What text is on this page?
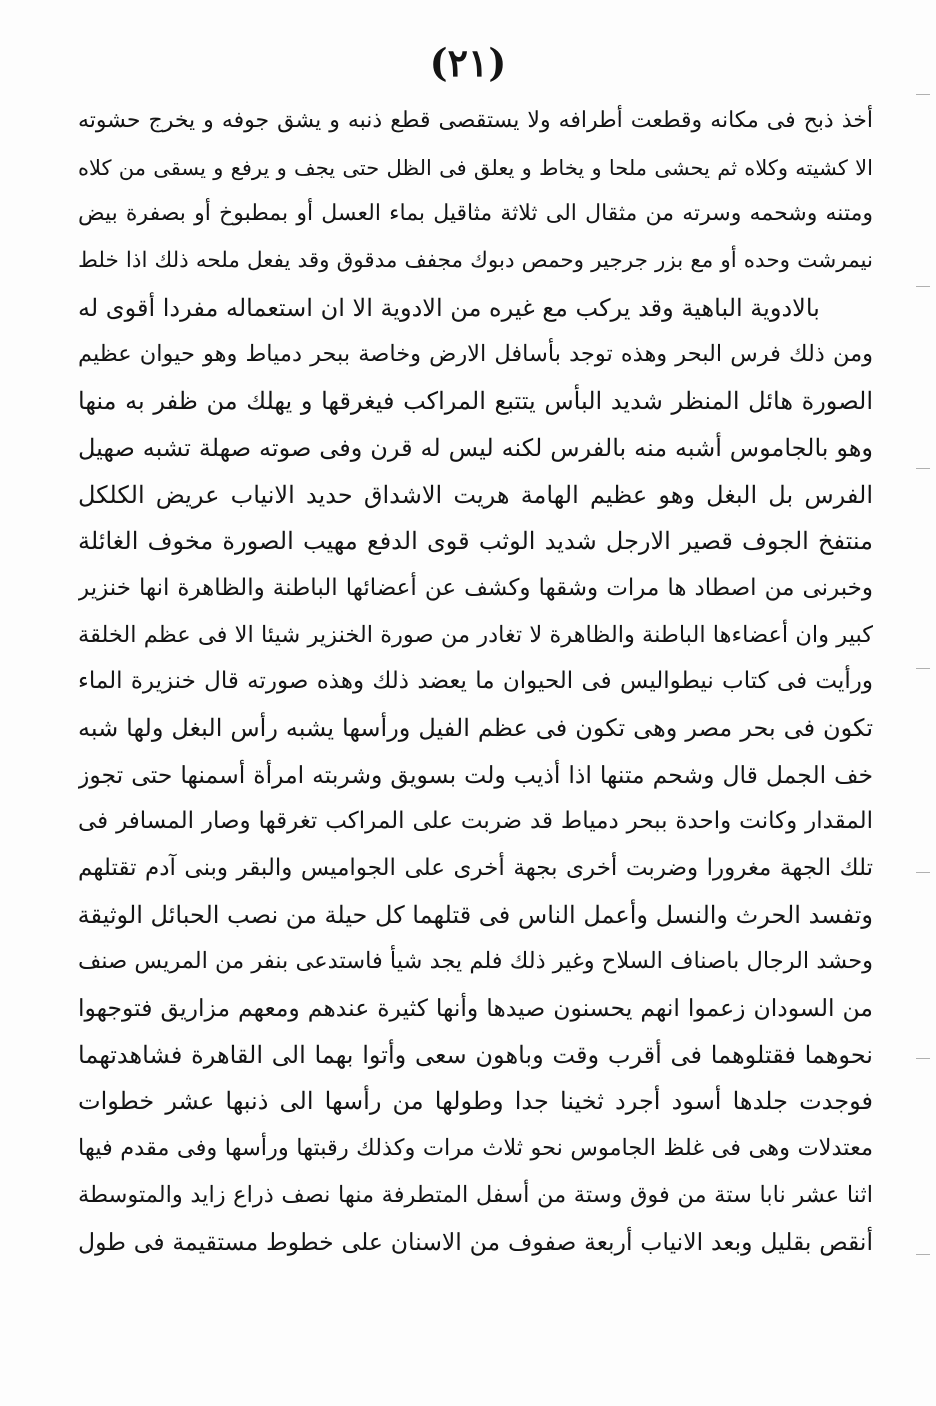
(٢١)
أخذ ذبح فى مكانه وقطعت أطرافه ولا يستقصى قطع ذنبه و يشق جوفه و يخرج حشوته
الا كشيته وكلاه ثم يحشى ملحا و يخاط و يعلق فى الظل حتى يجف و يرفع و يسقى من كلاه
ومتنه وشحمه وسرته من مثقال الى ثلاثة مثاقيل بماء العسل أو بمطبوخ أو بصفرة بيض
نيمرشت وحده أو مع بزر جرجير وحمص دبوك مجفف مدقوق وقد يفعل ملحه ذلك اذا خلط
بالادوية الباهية وقد يركب مع غيره من الادوية الا ان استعماله مفردا أقوى له
ومن ذلك فرس البحر وهذه توجد بأسافل الارض وخاصة ببحر دمياط وهو حيوان عظيم
الصورة هائل المنظر شديد البأس يتتبع المراكب فيغرقها و يهلك من ظفر به منها
وهو بالجاموس أشبه منه بالفرس لكنه ليس له قرن وفى صوته صهلة تشبه صهيل
الفرس بل البغل وهو عظيم الهامة هريت الاشداق حديد الانياب عريض الكلكل
منتفخ الجوف قصير الارجل شديد الوثب قوى الدفع مهيب الصورة مخوف الغائلة
وخبرنى من اصطاد ها مرات وشقها وكشف عن أعضائها الباطنة والظاهرة انها خنزير
كبير وان أعضاءها الباطنة والظاهرة لا تغادر من صورة الخنزير شيئا الا فى عظم الخلقة
ورأيت فى كتاب نيطواليس فى الحيوان ما يعضد ذلك وهذه صورته قال خنزيرة الماء
تكون فى بحر مصر وهى تكون فى عظم الفيل ورأسها يشبه رأس البغل ولها شبه
خف الجمل قال وشحم متنها اذا أذيب ولت بسويق وشربته امرأة أسمنها حتى تجوز
المقدار وكانت واحدة ببحر دمياط قد ضربت على المراكب تغرقها وصار المسافر فى
تلك الجهة مغرورا وضربت أخرى بجهة أخرى على الجواميس والبقر وبنى آدم تقتلهم
وتفسد الحرث والنسل وأعمل الناس فى قتلهما كل حيلة من نصب الحبائل الوثيقة
وحشد الرجال باصناف السلاح وغير ذلك فلم يجد شيأ فاستدعى بنفر من المريس صنف
من السودان زعموا انهم يحسنون صيدها وأنها كثيرة عندهم ومعهم مزاريق فتوجهوا
نحوهما فقتلوهما فى أقرب وقت وباهون سعى وأتوا بهما الى القاهرة فشاهدتهما
فوجدت جلدها أسود أجرد ثخينا جدا وطولها من رأسها الى ذنبها عشر خطوات
معتدلات وهى فى غلظ الجاموس نحو ثلاث مرات وكذلك رقبتها ورأسها وفى مقدم فيها
اثنا عشر نابا ستة من فوق وستة من أسفل المتطرفة منها نصف ذراع زايد والمتوسطة
أنقص بقليل وبعد الانياب أربعة صفوف من الاسنان على خطوط مستقيمة فى طول
